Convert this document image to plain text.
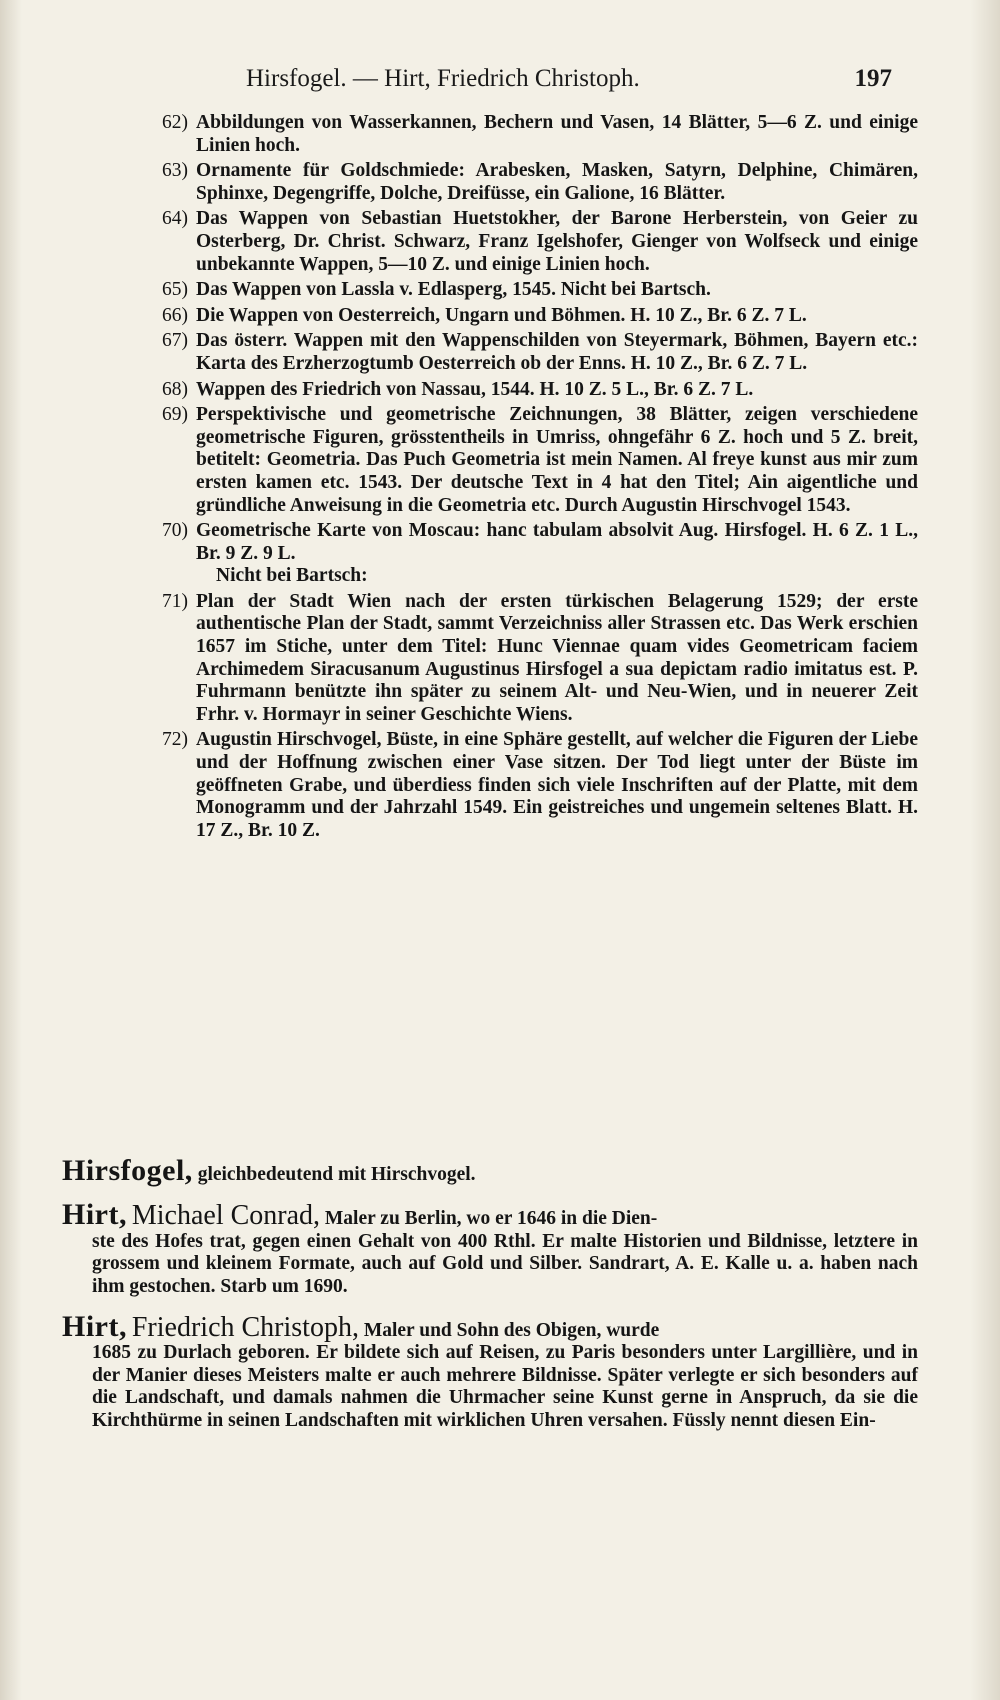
Hirsfogel. — Hirt, Friedrich Christoph.	197
62) Abbildungen von Wasserkannen, Bechern und Vasen, 14 Blätter, 5—6 Z. und einige Linien hoch.
63) Ornamente für Goldschmiede: Arabesken, Masken, Satyrn, Delphine, Chimären, Sphinxe, Degengriffe, Dolche, Dreifüsse, ein Galione, 16 Blätter.
64) Das Wappen von Sebastian Huetstokher, der Barone Herberstein, von Geier zu Osterberg, Dr. Christ. Schwarz, Franz Igelshofer, Gienger von Wolfseck und einige unbekannte Wappen, 5—10 Z. und einige Linien hoch.
65) Das Wappen von Lassla v. Edlasperg, 1545. Nicht bei Bartsch.
66) Die Wappen von Oesterreich, Ungarn und Böhmen. H. 10 Z., Br. 6 Z. 7 L.
67) Das österr. Wappen mit den Wappenschilden von Steyermark, Böhmen, Bayern etc.: Karta des Erzherzogtumb Oesterreich ob der Enns. H. 10 Z., Br. 6 Z. 7 L.
68) Wappen des Friedrich von Nassau, 1544. H. 10 Z. 5 L., Br. 6 Z. 7 L.
69) Perspektivische und geometrische Zeichnungen, 38 Blätter, zeigen verschiedene geometrische Figuren, grösstentheils in Umriss, ohngefähr 6 Z. hoch und 5 Z. breit, betitelt: Geometria. Das Puch Geometria ist mein Namen. Al freye kunst aus mir zum ersten kamen etc. 1543. Der deutsche Text in 4 hat den Titel; Ain aigentliche und gründliche Anweisung in die Geometria etc. Durch Augustin Hirschvogel 1543.
70) Geometrische Karte von Moscau: hanc tabulam absolvit Aug. Hirsfogel. H. 6 Z. 1 L., Br. 9 Z. 9 L.
Nicht bei Bartsch:
71) Plan der Stadt Wien nach der ersten türkischen Belagerung 1529; der erste authentische Plan der Stadt, sammt Verzeichniss aller Strassen etc. Das Werk erschien 1657 im Stiche, unter dem Titel: Hunc Viennae quam vides Geometricam faciem Archimedem Siracusanum Augustinus Hirsfogel a sua depictam radio imitatus est. P. Fuhrmann benützte ihn später zu seinem Alt- und Neu-Wien, und in neuerer Zeit Frhr. v. Hormayr in seiner Geschichte Wiens.
72) Augustin Hirschvogel, Büste, in eine Sphäre gestellt, auf welcher die Figuren der Liebe und der Hoffnung zwischen einer Vase sitzen. Der Tod liegt unter der Büste im geöffneten Grabe, und überdiess finden sich viele Inschriften auf der Platte, mit dem Monogramm und der Jahrzahl 1549. Ein geistreiches und ungemein seltenes Blatt. H. 17 Z., Br. 10 Z.

Hirsfogel, gleichbedeutend mit Hirschvogel.

Hirt, Michael Conrad, Maler zu Berlin, wo er 1646 in die Dien-
ste des Hofes trat, gegen einen Gehalt von 400 Rthl. Er malte Historien und Bildnisse, letztere in grossem und kleinem Formate, auch auf Gold und Silber. Sandrart, A. E. Kalle u. a. haben nach ihm gestochen. Starb um 1690.

Hirt, Friedrich Christoph, Maler und Sohn des Obigen, wurde
1685 zu Durlach geboren. Er bildete sich auf Reisen, zu Paris besonders unter Largillière, und in der Manier dieses Meisters malte er auch mehrere Bildnisse. Später verlegte er sich besonders auf die Landschaft, und damals nahmen die Uhrmacher seine Kunst gerne in Anspruch, da sie die Kirchthürme in seinen Landschaften mit wirklichen Uhren versahen. Füssly nennt diesen Ein-
